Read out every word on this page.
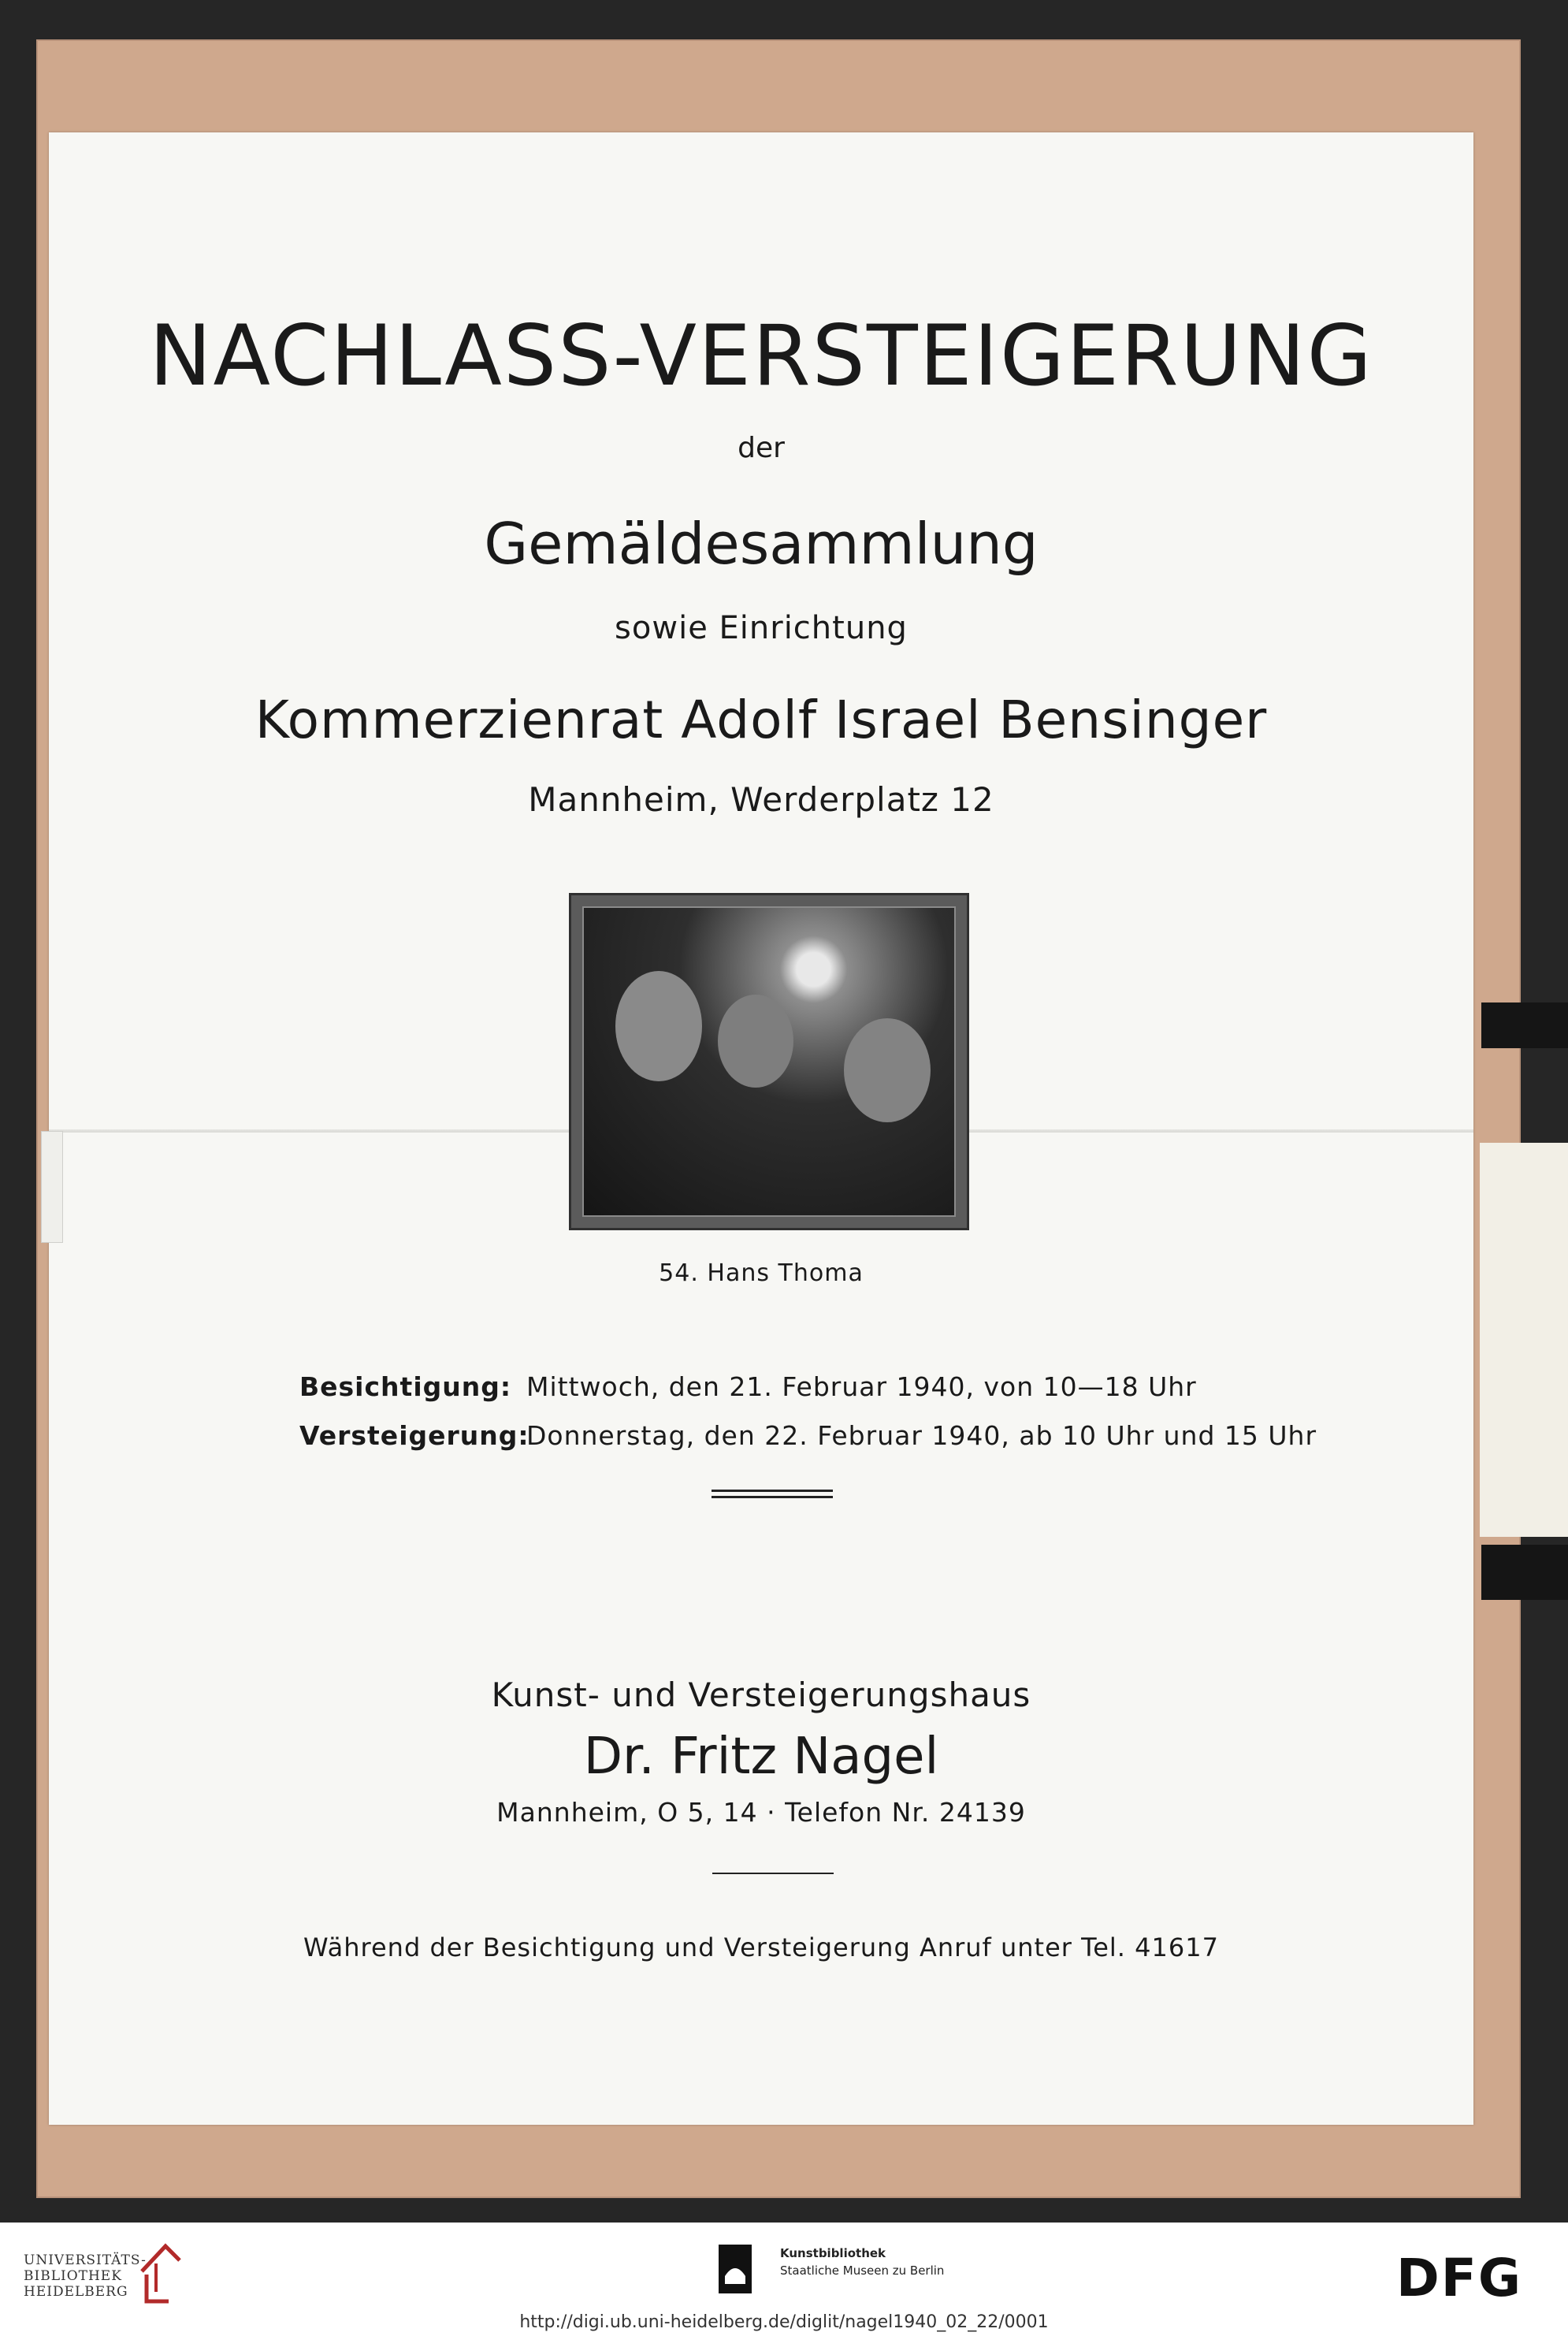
NACHLASS-VERSTEIGERUNG
der
Gemäldesammlung
sowie Einrichtung
Kommerzienrat Adolf Israel Bensinger
Mannheim, Werderplatz 12
54. Hans Thoma
Besichtigung: Mittwoch, den 21. Februar 1940, von 10—18 Uhr
Versteigerung:
Donnerstag, den 22. Februar 1940, ab 10 Uhr und 15 Uhr
Kunst- und Versteigerungshaus
Dr. Fritz Nagel
Mannheim, O 5, 14 · Telefon Nr. 24139
Während der Besichtigung und Versteigerung Anruf unter Tel. 41617
UNIVERSITÄTS-
BIBLIOTHEK
HEIDELBERG
Kunstbibliothek
Staatliche Museen zu Berlin	DFG
http://digi.ub.uni-heidelberg.de/diglit/nagel1940_02_22/0001
